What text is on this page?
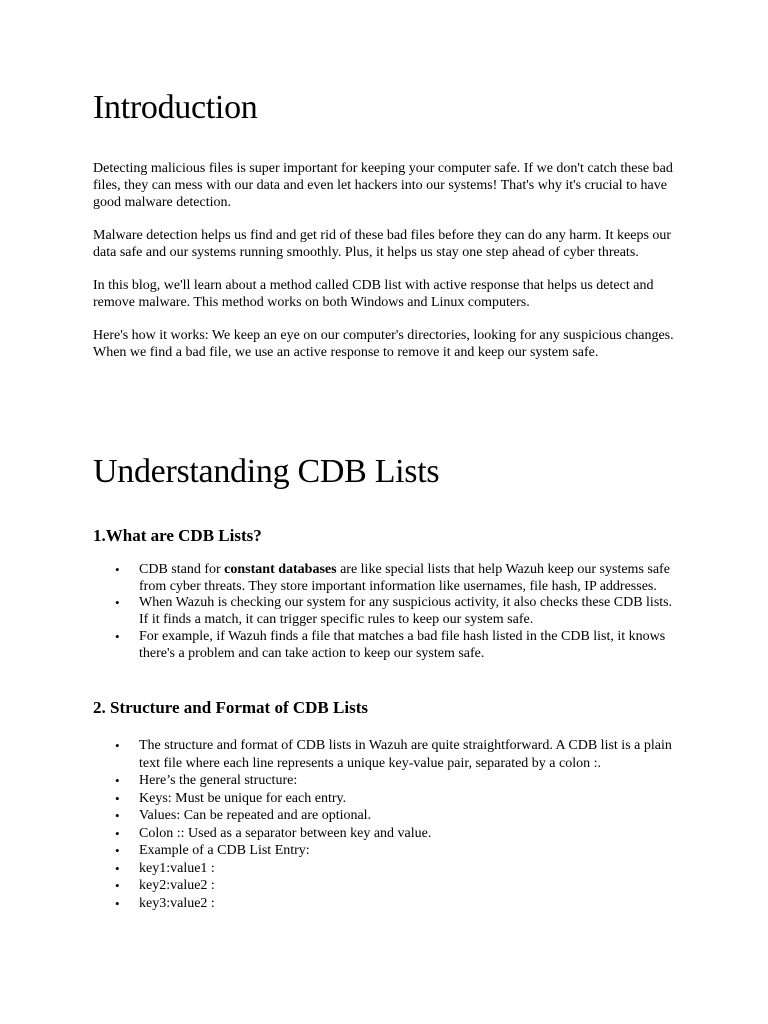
Introduction

Detecting malicious files is super important for keeping your computer safe. If we don't catch these bad files, they can mess with our data and even let hackers into our systems! That's why it's crucial to have good malware detection.

Malware detection helps us find and get rid of these bad files before they can do any harm. It keeps our data safe and our systems running smoothly. Plus, it helps us stay one step ahead of cyber threats.

In this blog, we'll learn about a method called CDB list with active response that helps us detect and remove malware. This method works on both Windows and Linux computers.

Here's how it works: We keep an eye on our computer's directories, looking for any suspicious changes. When we find a bad file, we use an active response to remove it and keep our system safe.

Understanding CDB Lists
1.What are CDB Lists?
• CDB stand for constant databases are like special lists that help Wazuh keep our systems safe from cyber threats. They store important information like usernames, file hash, IP addresses.
• When Wazuh is checking our system for any suspicious activity, it also checks these CDB lists. If it finds a match, it can trigger specific rules to keep our system safe.
• For example, if Wazuh finds a file that matches a bad file hash listed in the CDB list, it knows there's a problem and can take action to keep our system safe.
2. Structure and Format of CDB Lists
• The structure and format of CDB lists in Wazuh are quite straightforward. A CDB list is a plain text file where each line represents a unique key-value pair, separated by a colon :.
• Here’s the general structure:
• Keys: Must be unique for each entry.
• Values: Can be repeated and are optional.
• Colon :: Used as a separator between key and value.
• Example of a CDB List Entry:
• key1:value1 :
• key2:value2 :
• key3:value2 :
